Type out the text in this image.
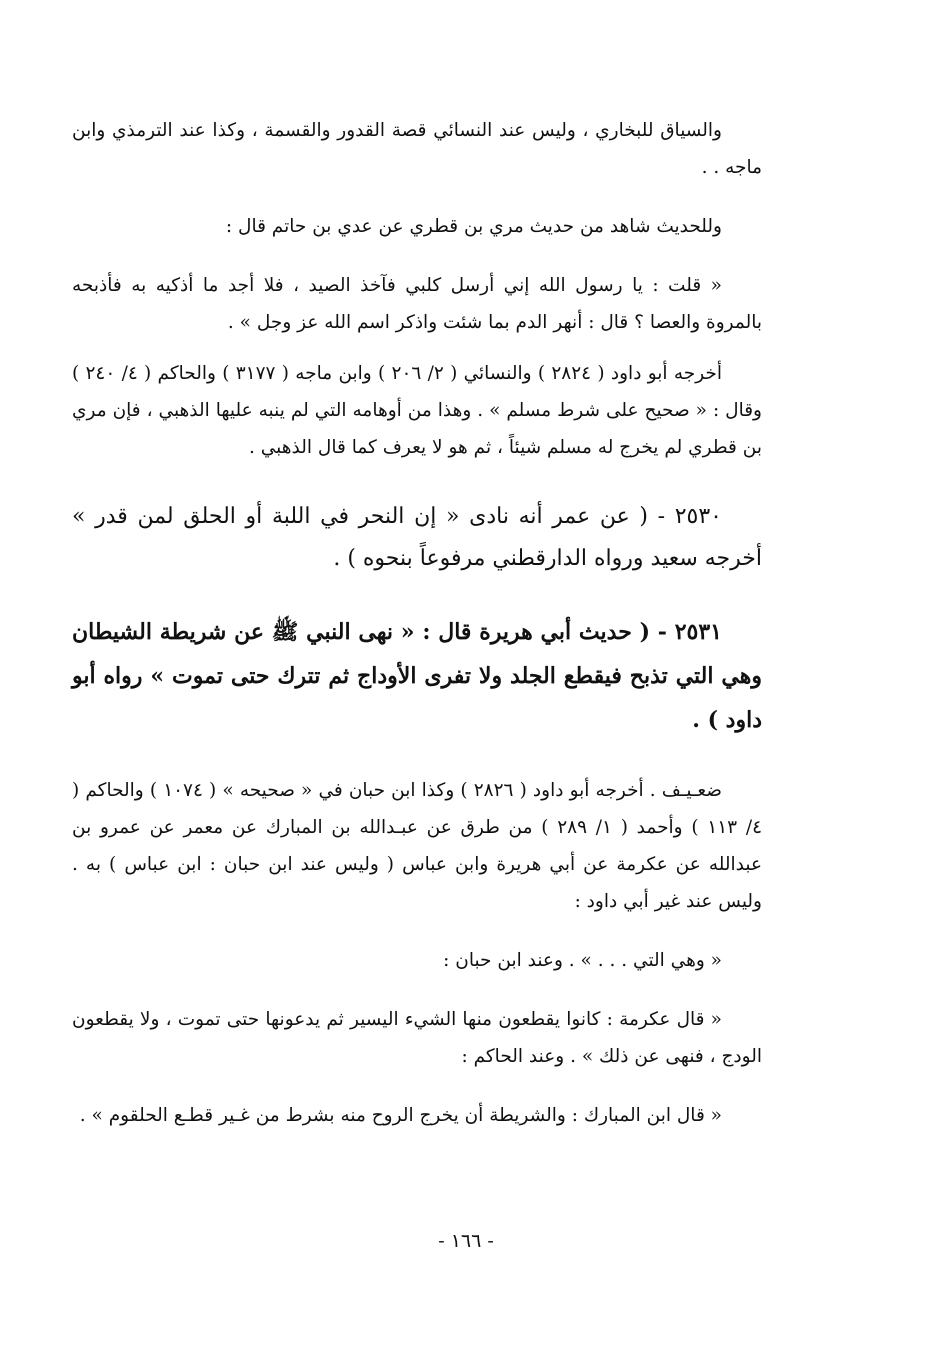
والسياق للبخاري ، وليس عند النسائي قصة القدور والقسمة ، وكذا عند الترمذي وابن ماجه . .

وللحديث شاهد من حديث مري بن قطري عن عدي بن حاتم قال :

« قلت : يا رسول الله إني أرسل كلبي فآخذ الصيد ، فلا أجد ما أذكيه به فأذبحه بالمروة والعصا ؟ قال : أنهر الدم بما شئت واذكر اسم الله عز وجل » .

أخرجه أبو داود ( ٢٨٢٤ ) والنسائي ( ٢/ ٢٠٦ ) وابن ماجه ( ٣١٧٧ ) والحاكم ( ٤/ ٢٤٠ ) وقال : « صحيح على شرط مسلم » . وهذا من أوهامه التي لم ينبه عليها الذهبي ، فإن مري بن قطري لم يخرج له مسلم شيئاً ، ثم هو لا يعرف كما قال الذهبي .

٢٥٣٠ - ( عن عمر أنه نادى « إن النحر في اللبة أو الحلق لمن قدر » أخرجه سعيد ورواه الدارقطني مرفوعاً بنحوه ) .

٢٥٣١ - ( حديث أبي هريرة قال : « نهى النبي ﷺ عن شريطة الشيطان وهي التي تذبح فيقطع الجلد ولا تفرى الأوداج ثم تترك حتى تموت » رواه أبو داود ) .

ضعـيـف . أخرجه أبو داود ( ٢٨٢٦ ) وكذا ابن حبان في « صحيحه » ( ١٠٧٤ ) والحاكم ( ٤/ ١١٣ ) وأحمد ( ١/ ٢٨٩ ) من طرق عن عبـدالله بن المبارك عن معمر عن عمرو بن عبدالله عن عكرمة عن أبي هريرة وابن عباس ( وليس عند ابن حبان : ابن عباس ) به . وليس عند غير أبي داود :

« وهي التي . . . » . وعند ابن حبان :

« قال عكرمة : كانوا يقطعون منها الشيء اليسير ثم يدعونها حتى تموت ، ولا يقطعون الودج ، فنهى عن ذلك » . وعند الحاكم :

« قال ابن المبارك : والشريطة أن يخرج الروح منه بشرط من غـير قطـع الحلقوم » .

- ١٦٦ -
